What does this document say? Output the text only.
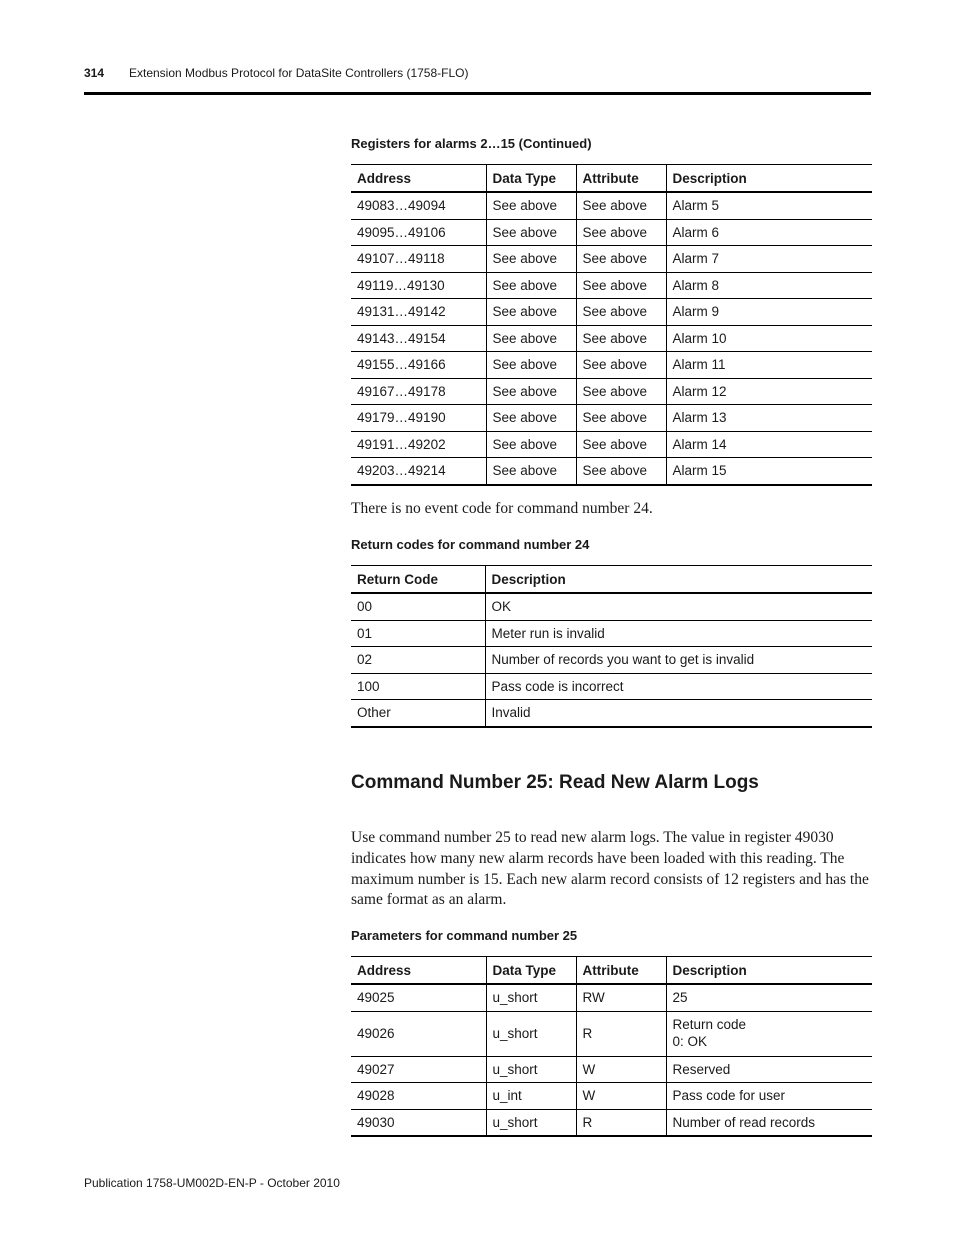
314 Extension Modbus Protocol for DataSite Controllers (1758-FLO)
Registers for alarms 2…15 (Continued)
Address	Data Type	Attribute	Description
49083…49094	See above	See above	Alarm 5
49095…49106	See above	See above	Alarm 6
49107…49118	See above	See above	Alarm 7
49119…49130	See above	See above	Alarm 8
49131…49142	See above	See above	Alarm 9
49143…49154	See above	See above	Alarm 10
49155…49166	See above	See above	Alarm 11
49167…49178	See above	See above	Alarm 12
49179…49190	See above	See above	Alarm 13
49191…49202	See above	See above	Alarm 14
49203…49214	See above	See above	Alarm 15
There is no event code for command number 24.
Return codes for command number 24
Return Code	Description
00	OK
01	Meter run is invalid
02	Number of records you want to get is invalid
100	Pass code is incorrect
Other	Invalid
Command Number 25: Read New Alarm Logs
Use command number 25 to read new alarm logs. The value in register 49030 indicates how many new alarm records have been loaded with this reading. The maximum number is 15. Each new alarm record consists of 12 registers and has the same format as an alarm.
Parameters for command number 25
Address	Data Type	Attribute	Description
49025	u_short	RW	25
49026	u_short	R	Return code
0: OK
49027	u_short	W	Reserved
49028	u_int	W	Pass code for user
49030	u_short	R	Number of read records
Publication 1758-UM002D-EN-P - October 2010
